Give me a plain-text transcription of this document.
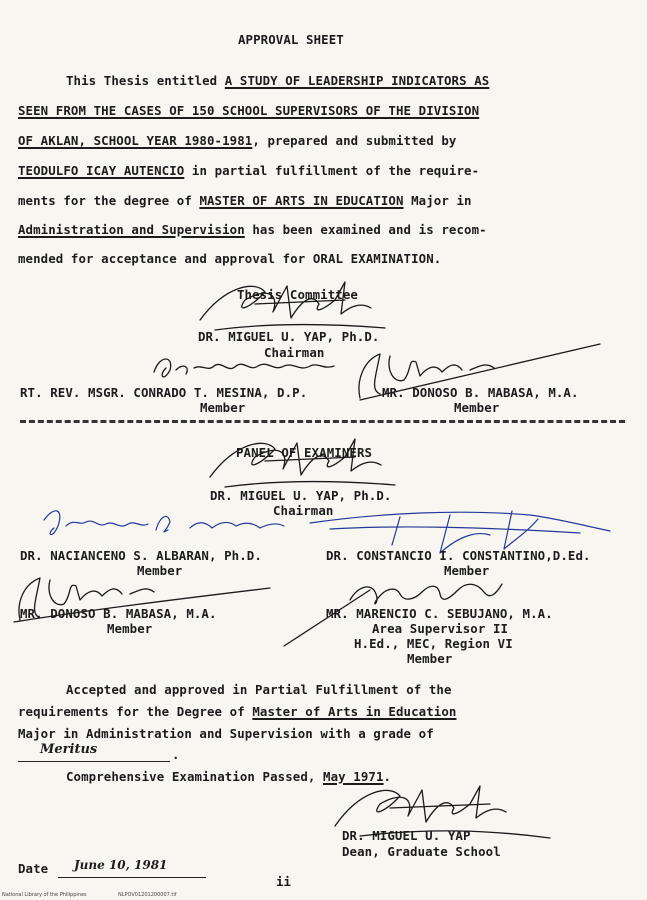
APPROVAL SHEET
This Thesis entitled A STUDY OF LEADERSHIP INDICATORS AS
SEEN FROM THE CASES OF 150 SCHOOL SUPERVISORS OF THE DIVISION
OF AKLAN, SCHOOL YEAR 1980-1981, prepared and submitted by
TEODULFO ICAY AUTENCIO in partial fulfillment of the require-
ments for the degree of MASTER OF ARTS IN EDUCATION Major in
Administration and Supervision has been examined and is recom-
mended for acceptance and approval for ORAL EXAMINATION.
Thesis Committee
DR. MIGUEL U. YAP, Ph.D.
Chairman
RT. REV. MSGR. CONRADO T. MESINA, D.P.	MR. DONOSO B. MABASA, M.A.
Member	Member
PANEL OF EXAMINERS
DR. MIGUEL U. YAP, Ph.D.
Chairman
DR. NACIANCENO S. ALBARAN, Ph.D.	DR. CONSTANCIO I. CONSTANTINO,D.Ed.
Member	Member
MR. DONOSO B. MABASA, M.A.	MR. MARENCIO C. SEBUJANO, M.A.
Member	Area Supervisor II
H.Ed., MEC, Region VI
Member
Accepted and approved in Partial Fulfillment of the
requirements for the Degree of Master of Arts in Education
Major in Administration and Supervision with a grade of
Meritus	.
Comprehensive Examination Passed, May 1971.
DR. MIGUEL U. YAP
Dean, Graduate School
Date June 10, 1981
ii
National Library of the Philippines	NLPOV01201200007.tif
